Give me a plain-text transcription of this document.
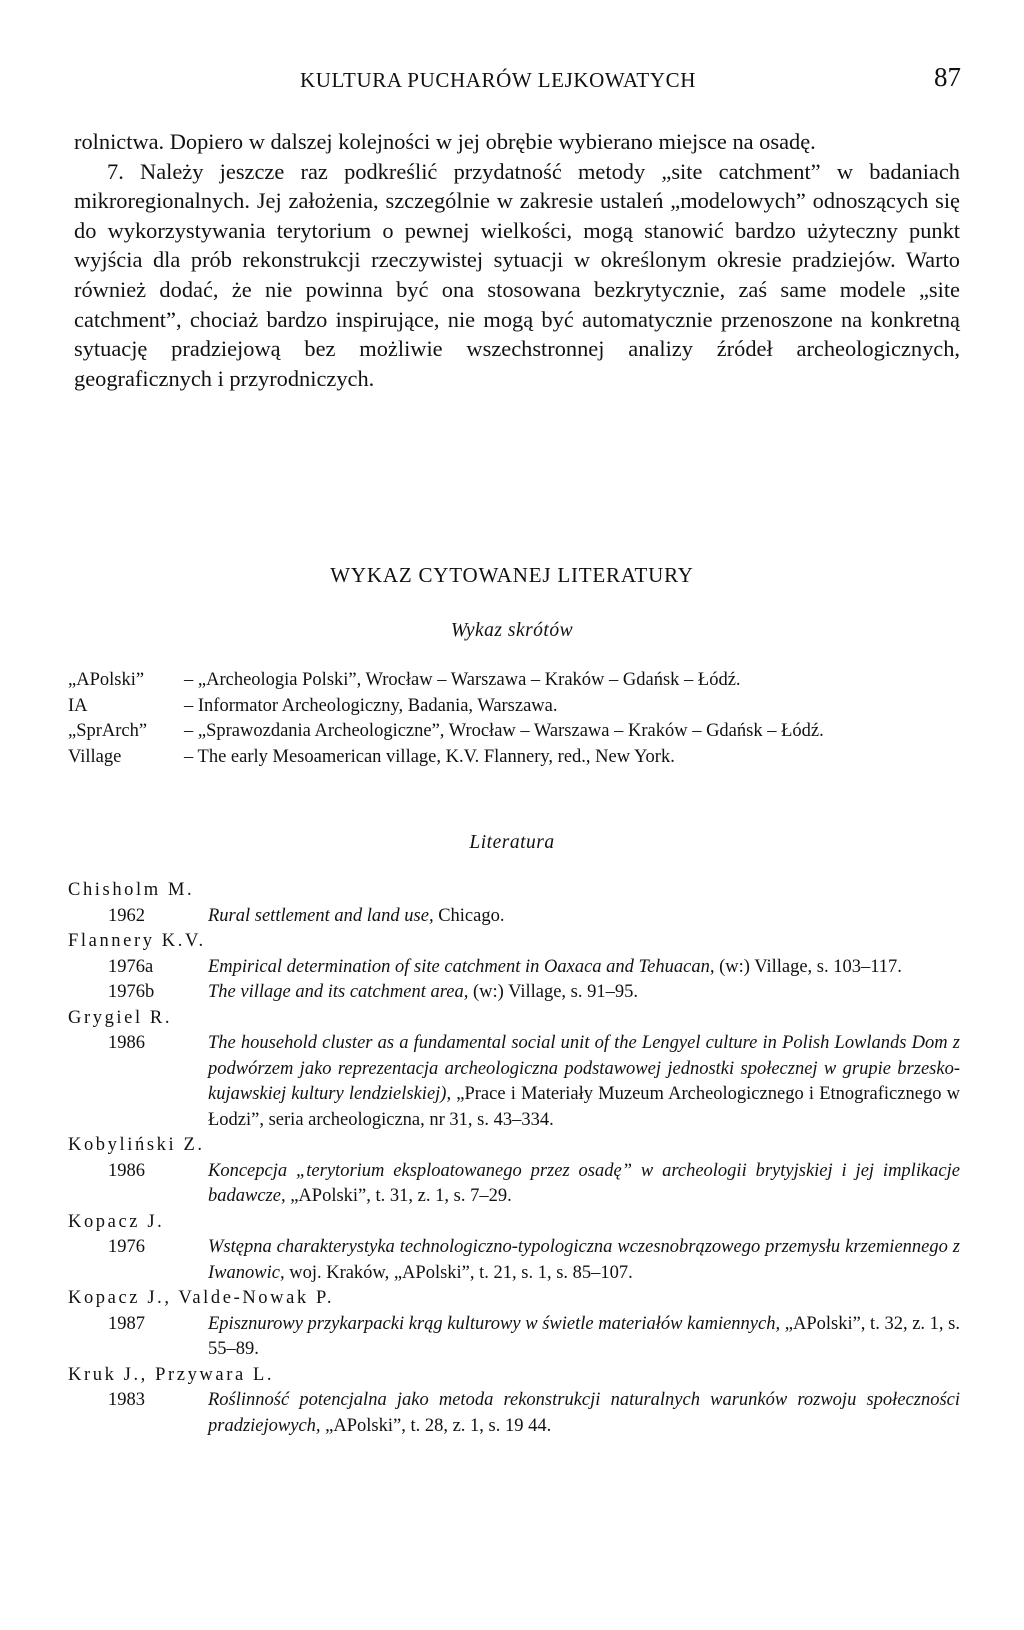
KULTURA PUCHARÓW LEJKOWATYCH	87

rolnictwa. Dopiero w dalszej kolejności w jej obrębie wybierano miejsce na osadę.

7. Należy jeszcze raz podkreślić przydatność metody „site catchment” w badaniach mikroregionalnych. Jej założenia, szczególnie w zakresie ustaleń „modelowych” odnoszących się do wykorzystywania terytorium o pewnej wielkości, mogą stanowić bardzo użyteczny punkt wyjścia dla prób rekonstrukcji rzeczywistej sytuacji w określonym okresie pradziejów. Warto również dodać, że nie powinna być ona stosowana bezkrytycznie, zaś same modele „site catchment”, chociaż bardzo inspirujące, nie mogą być automatycznie przenoszone na konkretną sytuację pradziejową bez możliwie wszechstronnej analizy źródeł archeologicznych, geograficznych i przyrodniczych.

WYKAZ CYTOWANEJ LITERATURY
Wykaz skrótów
„APolski”	– „Archeologia Polski”, Wrocław – Warszawa – Kraków – Gdańsk – Łódź.
IA	– Informator Archeologiczny, Badania, Warszawa.
„SprArch”	– „Sprawozdania Archeologiczne”, Wrocław – Warszawa – Kraków – Gdańsk – Łódź.
Village	– The early Mesoamerican village, K.V. Flannery, red., New York.
Literatura
Chisholm M.
1962	Rural settlement and land use, Chicago.
Flannery K.V.
1976a	Empirical determination of site catchment in Oaxaca and Tehuacan, (w:) Village, s. 103–117.
1976b	The village and its catchment area, (w:) Village, s. 91–95.
Grygiel R.
1986	The household cluster as a fundamental social unit of the Lengyel culture in Polish Lowlands Dom z podwórzem jako reprezentacja archeologiczna podstawowej jednostki społecznej w grupie brzesko-kujawskiej kultury lendzielskiej), „Prace i Materiały Muzeum Archeologicznego i Etnograficznego w Łodzi”, seria archeologiczna, nr 31, s. 43–334.
Kobyliński Z.
1986	Koncepcja „terytorium eksploatowanego przez osadę” w archeologii brytyjskiej i jej implikacje badawcze, „APolski”, t. 31, z. 1, s. 7–29.
Kopacz J.
1976	Wstępna charakterystyka technologiczno-typologiczna wczesnobrązowego przemysłu krzemiennego z Iwanowic, woj. Kraków, „APolski”, t. 21, s. 1, s. 85–107.
Kopacz J., Valde-Nowak P.
1987	Episznurowy przykarpacki krąg kulturowy w świetle materiałów kamiennych, „APolski”, t. 32, z. 1, s. 55–89.
Kruk J., Przywara L.
1983	Roślinność potencjalna jako metoda rekonstrukcji naturalnych warunków rozwoju społeczności pradziejowych, „APolski”, t. 28, z. 1, s. 19 44.
